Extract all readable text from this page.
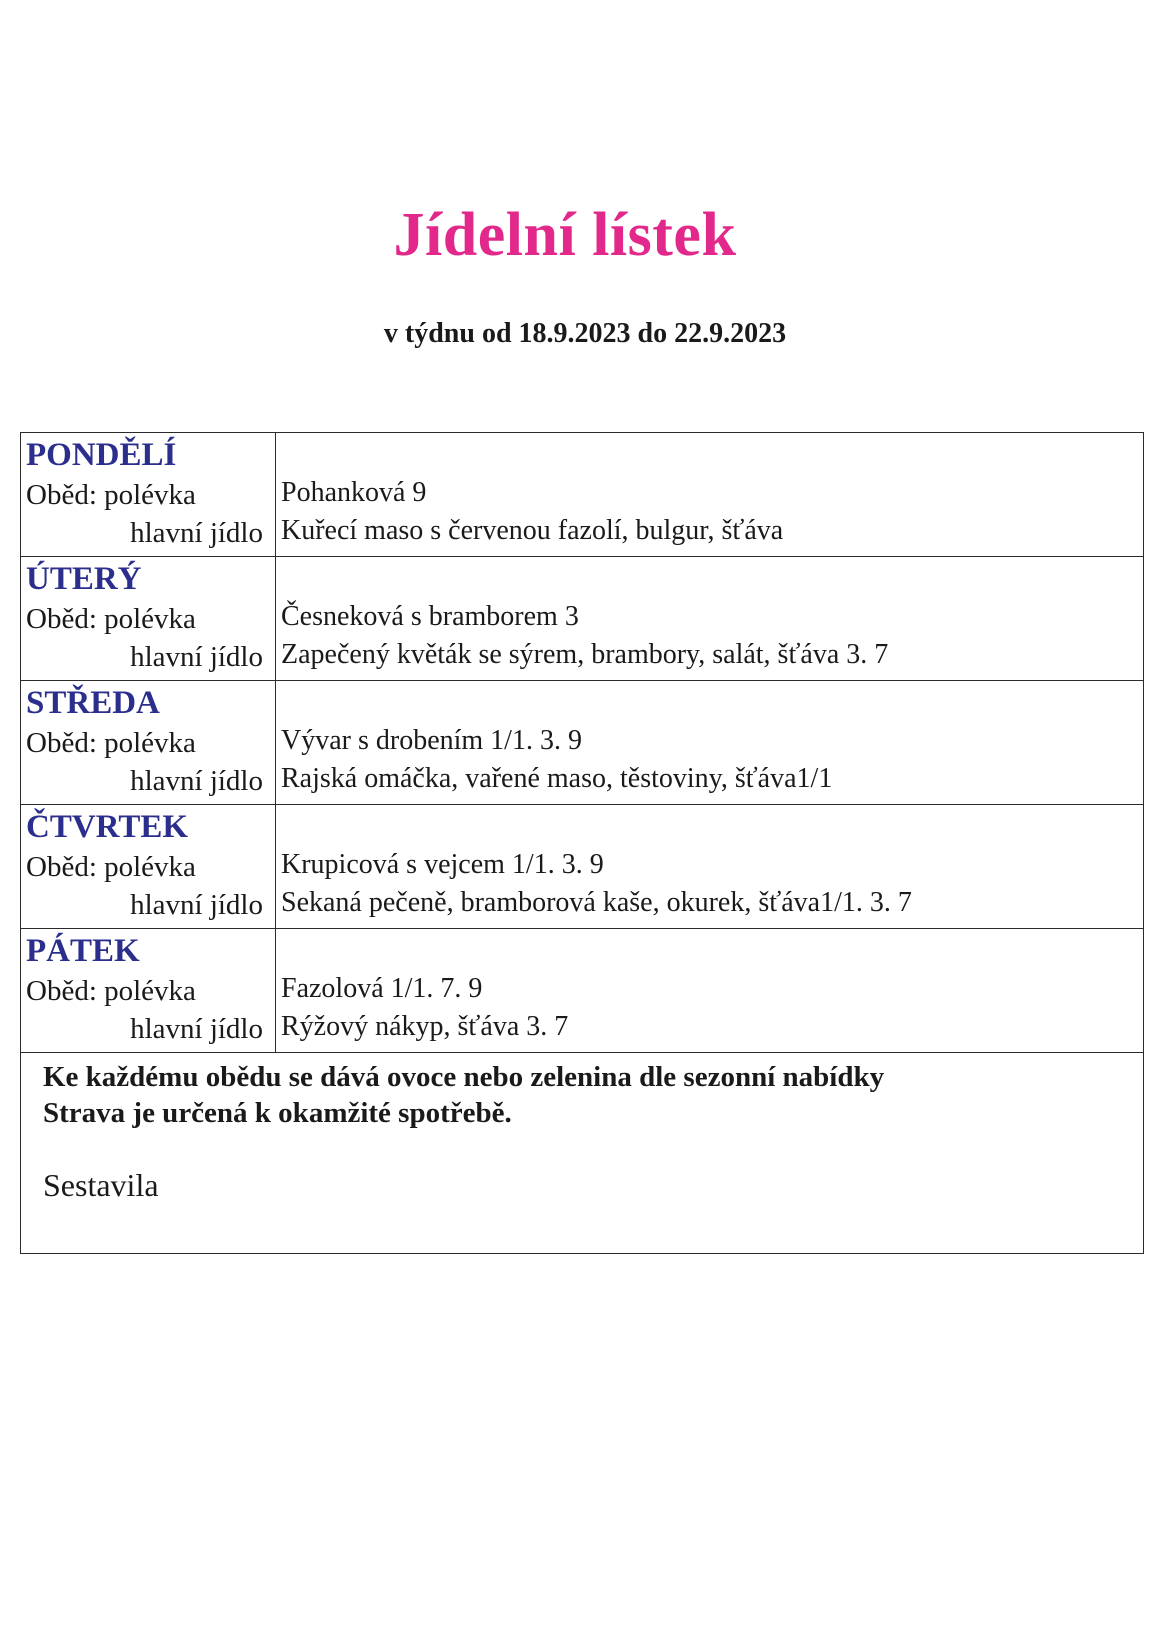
Jídelní lístek
v týdnu od 18.9.2023 do 22.9.2023
PONDĚLÍ
Oběd: polévka
hlavní jídlo
Pohanková 9
Kuřecí maso s červenou fazolí, bulgur, šťáva
ÚTERÝ
Oběd: polévka
hlavní jídlo
Česneková s bramborem 3
Zapečený květák se sýrem, brambory, salát, šťáva 3. 7
STŘEDA
Oběd: polévka
hlavní jídlo
Vývar s drobením 1/1. 3. 9
Rajská omáčka, vařené maso, těstoviny, šťáva1/1
ČTVRTEK
Oběd: polévka
hlavní jídlo
Krupicová s vejcem 1/1. 3. 9
Sekaná pečeně, bramborová kaše, okurek, šťáva1/1. 3. 7
PÁTEK
Oběd: polévka
hlavní jídlo
Fazolová 1/1. 7. 9
Rýžový nákyp, šťáva 3. 7
Ke každému obědu se dává ovoce nebo zelenina dle sezonní nabídky
Strava je určená k okamžité spotřebě.
Sestavila
